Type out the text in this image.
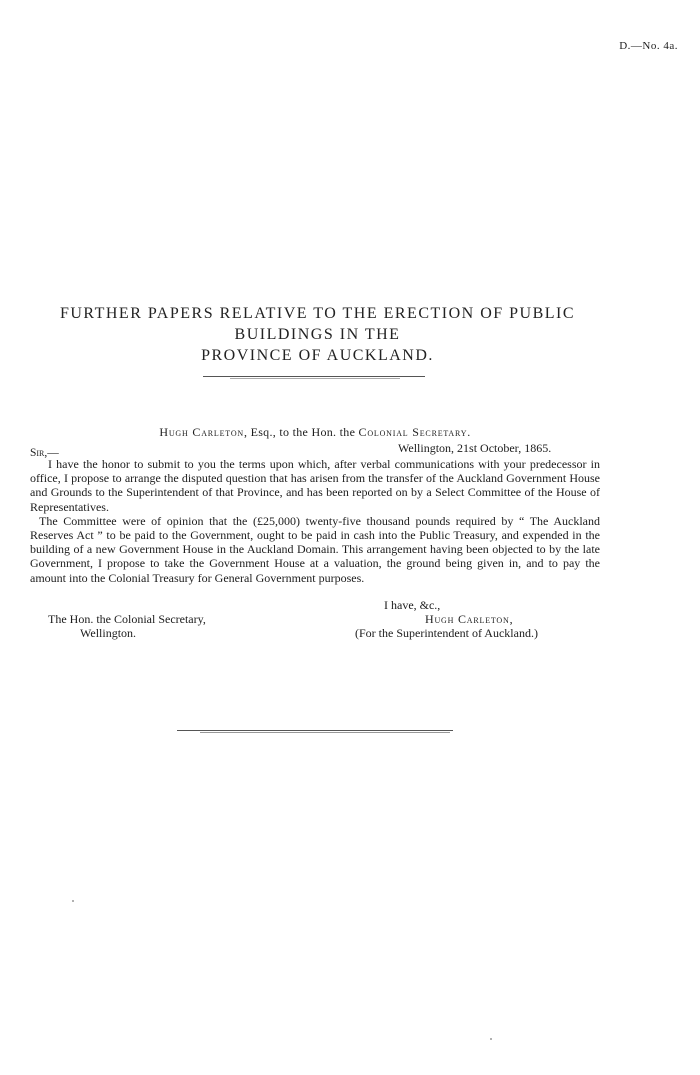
D.—No. 4a.
FURTHER PAPERS RELATIVE TO THE ERECTION OF PUBLIC BUILDINGS IN THE
PROVINCE OF AUCKLAND.
Hugh Carleton, Esq., to the Hon. the Colonial Secretary.
Sir,—	Wellington, 21st October, 1865.

I have the honor to submit to you the terms upon which, after verbal communications with your predecessor in office, I propose to arrange the disputed question that has arisen from the transfer of the Auckland Government House and Grounds to the Superintendent of that Province, and has been reported on by a Select Committee of the House of Representatives.

The Committee were of opinion that the (£25,000) twenty-five thousand pounds required by “ The Auckland Reserves Act ” to be paid to the Government, ought to be paid in cash into the Public Treasury, and expended in the building of a new Government House in the Auckland Domain. This arrangement having been objected to by the late Government, I propose to take the Government House at a valuation, the ground being given in, and to pay the amount into the Colonial Treasury for General Government purposes.

I have, &c.,
The Hon. the Colonial Secretary,	Hugh Carleton,
Wellington.	(For the Superintendent of Auckland.)
